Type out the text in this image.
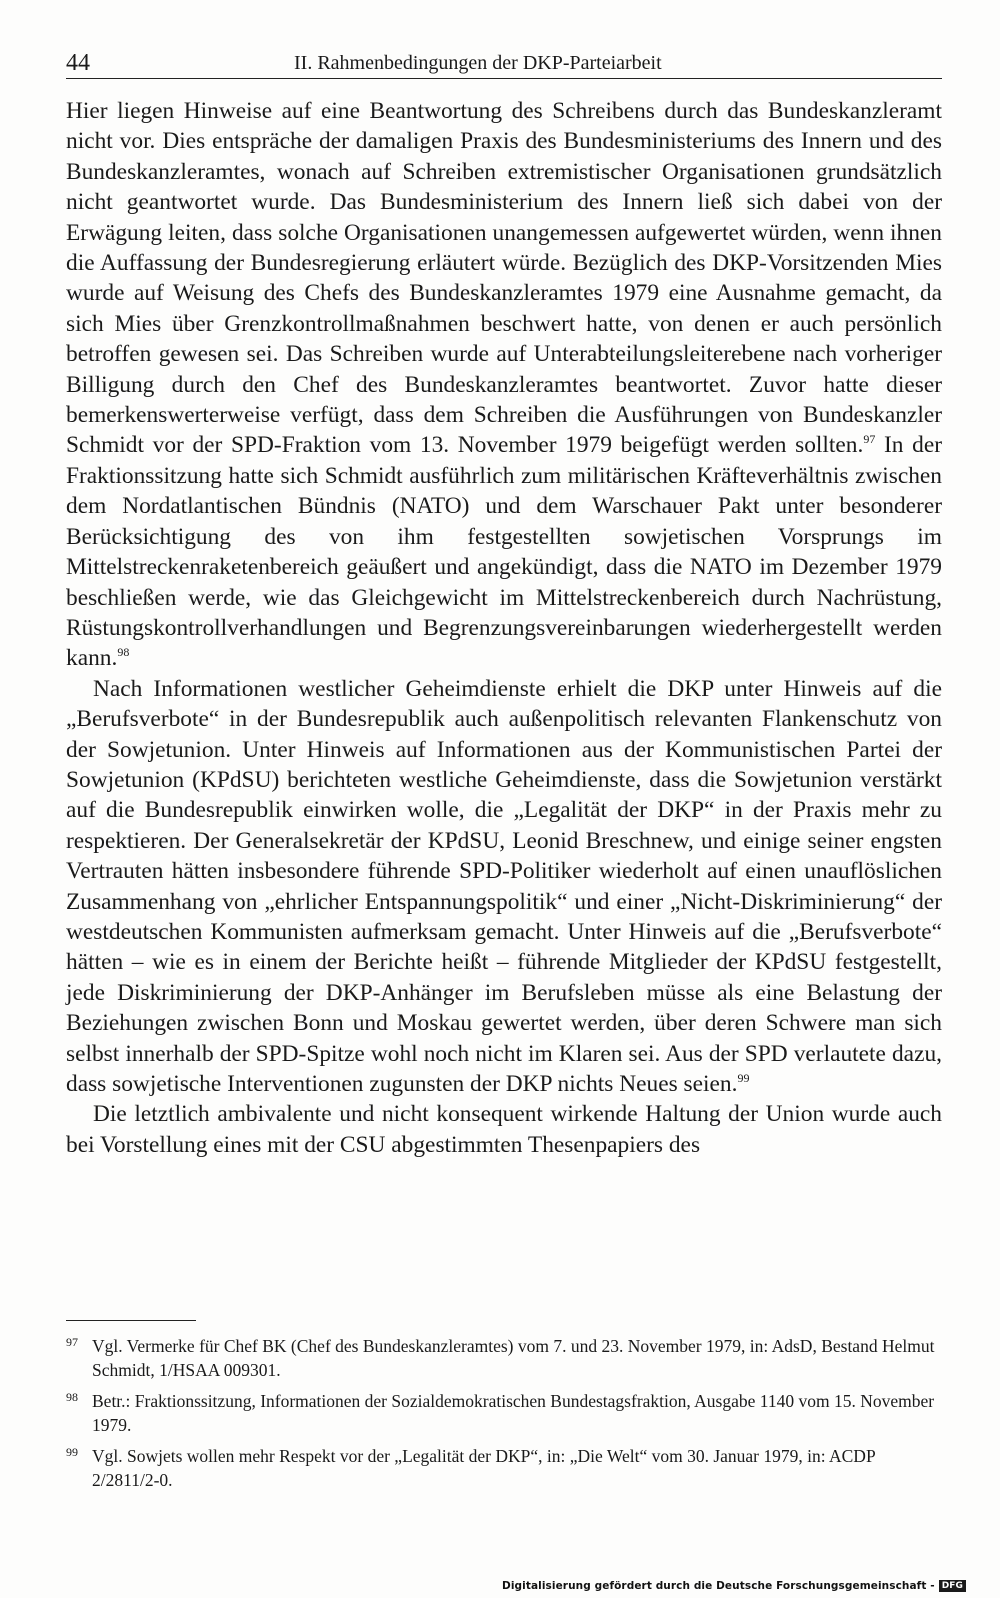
44	II. Rahmenbedingungen der DKP-Parteiarbeit

Hier liegen Hinweise auf eine Beantwortung des Schreibens durch das Bundeskanzleramt nicht vor. Dies entspräche der damaligen Praxis des Bundesministeriums des Innern und des Bundeskanzleramtes, wonach auf Schreiben extremistischer Organisationen grundsätzlich nicht geantwortet wurde. Das Bundesministerium des Innern ließ sich dabei von der Erwägung leiten, dass solche Organisationen unangemessen aufgewertet würden, wenn ihnen die Auffassung der Bundesregierung erläutert würde. Bezüglich des DKP-Vorsitzenden Mies wurde auf Weisung des Chefs des Bundeskanzleramtes 1979 eine Ausnahme gemacht, da sich Mies über Grenzkontrollmaßnahmen beschwert hatte, von denen er auch persönlich betroffen gewesen sei. Das Schreiben wurde auf Unterabteilungsleiterebene nach vorheriger Billigung durch den Chef des Bundeskanzleramtes beantwortet. Zuvor hatte dieser bemerkenswerterweise verfügt, dass dem Schreiben die Ausführungen von Bundeskanzler Schmidt vor der SPD-Fraktion vom 13. November 1979 beigefügt werden sollten.$^{97}$ In der Fraktionssitzung hatte sich Schmidt ausführlich zum militärischen Kräfteverhältnis zwischen dem Nordatlantischen Bündnis (NATO) und dem Warschauer Pakt unter besonderer Berücksichtigung des von ihm festgestellten sowjetischen Vorsprungs im Mittelstreckenraketenbereich geäußert und angekündigt, dass die NATO im Dezember 1979 beschließen werde, wie das Gleichgewicht im Mittelstreckenbereich durch Nachrüstung, Rüstungskontrollverhandlungen und Begrenzungsvereinbarungen wiederhergestellt werden kann.$^{98}$

Nach Informationen westlicher Geheimdienste erhielt die DKP unter Hinweis auf die „Berufsverbote“ in der Bundesrepublik auch außenpolitisch relevanten Flankenschutz von der Sowjetunion. Unter Hinweis auf Informationen aus der Kommunistischen Partei der Sowjetunion (KPdSU) berichteten westliche Geheimdienste, dass die Sowjetunion verstärkt auf die Bundesrepublik einwirken wolle, die „Legalität der DKP“ in der Praxis mehr zu respektieren. Der Generalsekretär der KPdSU, Leonid Breschnew, und einige seiner engsten Vertrauten hätten insbesondere führende SPD-Politiker wiederholt auf einen unauflöslichen Zusammenhang von „ehrlicher Entspannungspolitik“ und einer „Nicht-Diskriminierung“ der westdeutschen Kommunisten aufmerksam gemacht. Unter Hinweis auf die „Berufsverbote“ hätten – wie es in einem der Berichte heißt – führende Mitglieder der KPdSU festgestellt, jede Diskriminierung der DKP-Anhänger im Berufsleben müsse als eine Belastung der Beziehungen zwischen Bonn und Moskau gewertet werden, über deren Schwere man sich selbst innerhalb der SPD-Spitze wohl noch nicht im Klaren sei. Aus der SPD verlautete dazu, dass sowjetische Interventionen zugunsten der DKP nichts Neues seien.$^{99}$

Die letztlich ambivalente und nicht konsequent wirkende Haltung der Union wurde auch bei Vorstellung eines mit der CSU abgestimmten Thesenpapiers des

97 Vgl. Vermerke für Chef BK (Chef des Bundeskanzleramtes) vom 7. und 23. November 1979, in: AdsD, Bestand Helmut Schmidt, 1/HSAA 009301.
98 Betr.: Fraktionssitzung, Informationen der Sozialdemokratischen Bundestagsfraktion, Ausgabe 1140 vom 15. November 1979.
99 Vgl. Sowjets wollen mehr Respekt vor der „Legalität der DKP“, in: „Die Welt“ vom 30. Januar 1979, in: ACDP 2/2811/2-0.
Digitalisierung gefördert durch die Deutsche Forschungsgemeinschaft - DFG
